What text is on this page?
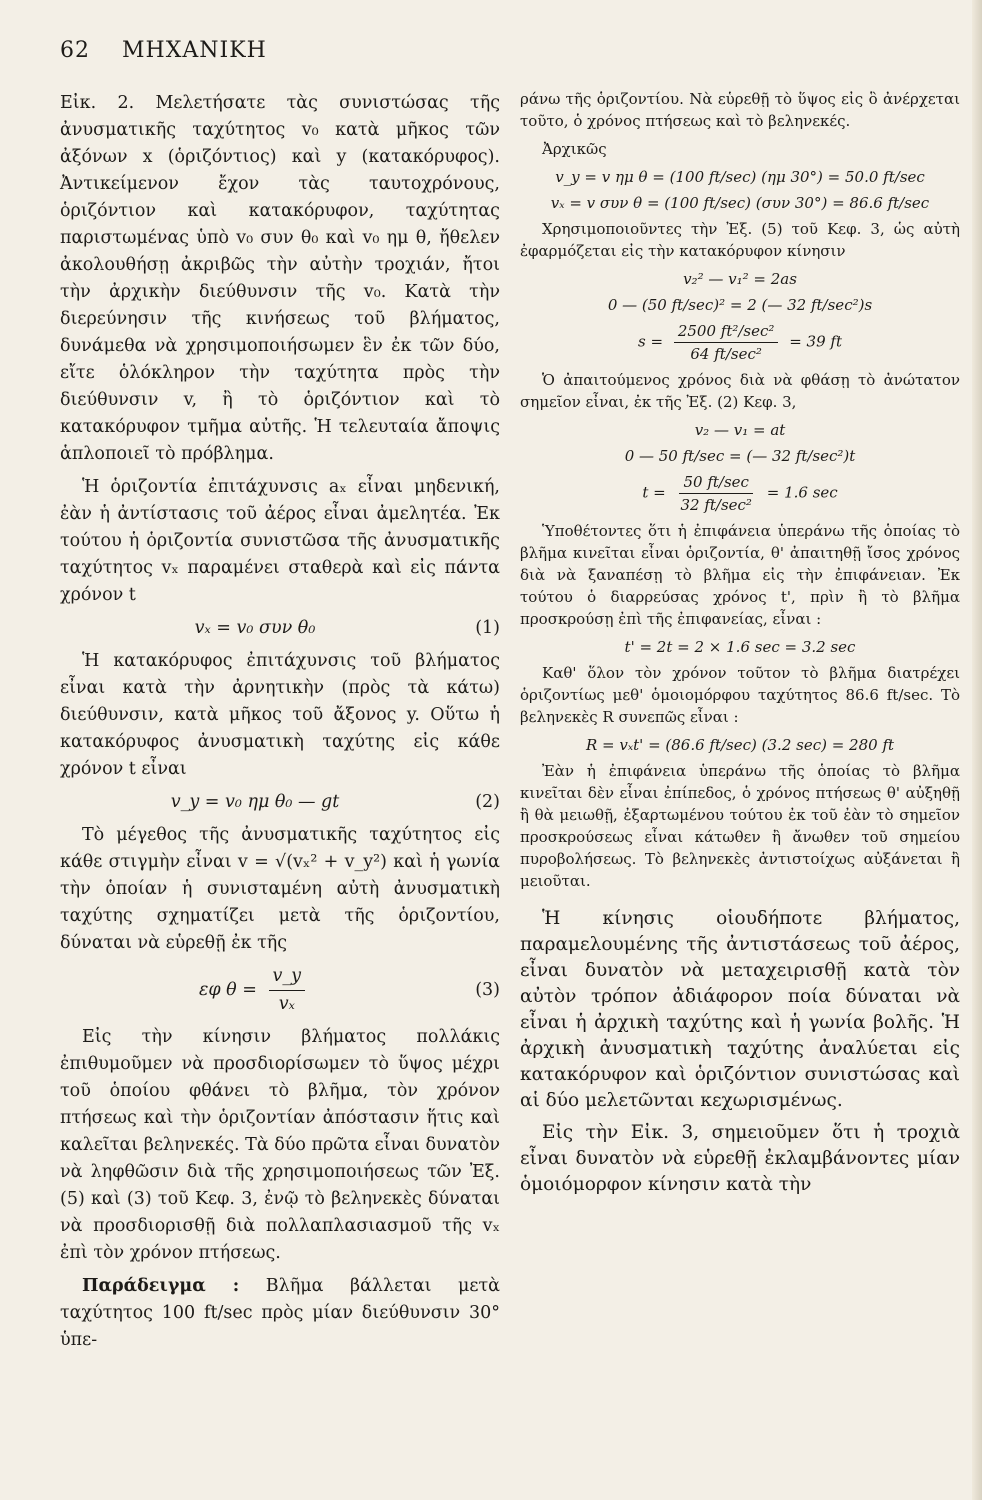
62 ΜΗΧΑΝΙΚΗ

Εἰκ. 2. Μελετήσατε τὰς συνιστώσας τῆς ἀνυσματικῆς ταχύτητος v₀ κατὰ μῆκος τῶν ἀξόνων x (ὁριζόντιος) καὶ y (κατακόρυφος). Ἀντικείμενον ἔχον τὰς ταυτοχρόνους, ὁριζόντιον καὶ κατακόρυφον, ταχύτητας παριστωμένας ὑπὸ v₀ συν θ₀ καὶ v₀ ημ θ, ἤθελεν ἀκολουθήσῃ ἀκριβῶς τὴν αὐτὴν τροχιάν, ἤτοι τὴν ἀρχικὴν διεύθυνσιν τῆς v₀. Κατὰ τὴν διερεύνησιν τῆς κινήσεως τοῦ βλήματος, δυνάμεθα νὰ χρησιμοποιήσωμεν ἓν ἐκ τῶν δύο, εἴτε ὁλόκληρον τὴν ταχύτητα πρὸς τὴν διεύθυνσιν v, ἢ τὸ ὁριζόντιον καὶ τὸ κατακόρυφον τμῆμα αὐτῆς. Ἡ τελευταία ἄποψις ἁπλοποιεῖ τὸ πρόβλημα.

Ἡ ὁριζοντία ἐπιτάχυνσις aₓ εἶναι μηδενική, ἐὰν ἡ ἀντίστασις τοῦ ἀέρος εἶναι ἀμελητέα. Ἐκ τούτου ἡ ὁριζοντία συνιστῶσα τῆς ἀνυσματικῆς ταχύτητος vₓ παραμένει σταθερὰ καὶ εἰς πάντα χρόνον t

vₓ = v₀ συν θ₀	(1)

Ἡ κατακόρυφος ἐπιτάχυνσις τοῦ βλήματος εἶναι κατὰ τὴν ἀρνητικὴν (πρὸς τὰ κάτω) διεύθυνσιν, κατὰ μῆκος τοῦ ἄξονος y. Οὕτω ἡ κατακόρυφος ἀνυσματικὴ ταχύτης εἰς κάθε χρόνον t εἶναι

v_y = v₀ ημ θ₀ — gt	(2)

Τὸ μέγεθος τῆς ἀνυσματικῆς ταχύτητος εἰς κάθε στιγμὴν εἶναι v = √(vₓ² + v_y²) καὶ ἡ γωνία τὴν ὁποίαν ἡ συνισταμένη αὐτὴ ἀνυσματικὴ ταχύτης σχηματίζει μετὰ τῆς ὁριζοντίου, δύναται νὰ εὑρεθῇ ἐκ τῆς

εφ $\theta = \frac{v\_y}{\text{vₓ}}$	(3)

Εἰς τὴν κίνησιν βλήματος πολλάκις ἐπιθυμοῦμεν νὰ προσδιορίσωμεν τὸ ὕψος μέχρι τοῦ ὁποίου φθάνει τὸ βλῆμα, τὸν χρόνον πτήσεως καὶ τὴν ὁριζοντίαν ἀπόστασιν ἥτις καὶ καλεῖται βεληνεκές. Τὰ δύο πρῶτα εἶναι δυνατὸν νὰ ληφθῶσιν διὰ τῆς χρησιμοποιήσεως τῶν Ἐξ. (5) καὶ (3) τοῦ Κεφ. 3, ἐνῷ τὸ βεληνεκὲς δύναται νὰ προσδιορισθῇ διὰ πολλαπλασιασμοῦ τῆς vₓ ἐπὶ τὸν χρόνον πτήσεως.

Παράδειγμα : Βλῆμα βάλλεται μετὰ ταχύτητος 100 ft/sec πρὸς μίαν διεύθυνσιν 30° ὑπε-

ράνω τῆς ὁριζοντίου. Νὰ εὑρεθῇ τὸ ὕψος εἰς ὃ ἀνέρχεται τοῦτο, ὁ χρόνος πτήσεως καὶ τὸ βεληνεκές.

Ἀρχικῶς

v_y = v ημ θ = (100 ft/sec) (ημ 30°) = 50.0 ft/sec
vₓ = v συν θ = (100 ft/sec) (συν 30°) = 86.6 ft/sec

Χρησιμοποιοῦντες τὴν Ἐξ. (5) τοῦ Κεφ. 3, ὡς αὐτὴ ἐφαρμόζεται εἰς τὴν κατακόρυφον κίνησιν

v₂² — v₁² = 2as
0 — (50 ft/sec)² = 2 (— 32 ft/sec²)s
$s = \frac{\text{2500 ft²/sec²}}{\text{64 ft/sec²}} = 39$ ft

Ὁ ἀπαιτούμενος χρόνος διὰ νὰ φθάσῃ τὸ ἀνώτατον σημεῖον εἶναι, ἐκ τῆς Ἐξ. (2) Κεφ. 3,

v₂ — v₁ = at
0 — 50 ft/sec = (— 32 ft/sec²)t
$t = \frac{50 ft/\sec}{\text{32 ft/sec²}} = 1.6$ sec

Ὑποθέτοντες ὅτι ἡ ἐπιφάνεια ὑπεράνω τῆς ὁποίας τὸ βλῆμα κινεῖται εἶναι ὁριζοντία, θ' ἀπαιτηθῇ ἴσος χρόνος διὰ νὰ ξαναπέσῃ τὸ βλῆμα εἰς τὴν ἐπιφάνειαν. Ἐκ τούτου ὁ διαρρεύσας χρόνος t', πρὶν ἢ τὸ βλῆμα προσκρούσῃ ἐπὶ τῆς ἐπιφανείας, εἶναι :

t' = 2t = 2 × 1.6 sec = 3.2 sec

Καθ' ὅλον τὸν χρόνον τοῦτον τὸ βλῆμα διατρέχει ὁριζοντίως μεθ' ὁμοιομόρφου ταχύτητος 86.6 ft/sec. Τὸ βεληνεκὲς R συνεπῶς εἶναι :

R = vₓt' = (86.6 ft/sec) (3.2 sec) = 280 ft

Ἐὰν ἡ ἐπιφάνεια ὑπεράνω τῆς ὁποίας τὸ βλῆμα κινεῖται δὲν εἶναι ἐπίπεδος, ὁ χρόνος πτήσεως θ' αὐξηθῇ ἢ θὰ μειωθῇ, ἐξαρτωμένου τούτου ἐκ τοῦ ἐὰν τὸ σημεῖον προσκρούσεως εἶναι κάτωθεν ἢ ἄνωθεν τοῦ σημείου πυροβολήσεως. Τὸ βεληνεκὲς ἀντιστοίχως αὐξάνεται ἢ μειοῦται.

Ἡ κίνησις οἱουδήποτε βλήματος, παραμελουμένης τῆς ἀντιστάσεως τοῦ ἀέρος, εἶναι δυνατὸν νὰ μεταχειρισθῇ κατὰ τὸν αὐτὸν τρόπον ἀδιάφορον ποία δύναται νὰ εἶναι ἡ ἀρχικὴ ταχύτης καὶ ἡ γωνία βολῆς. Ἡ ἀρχικὴ ἀνυσματικὴ ταχύτης ἀναλύεται εἰς κατακόρυφον καὶ ὁριζόντιον συνιστώσας καὶ αἱ δύο μελετῶνται κεχωρισμένως.

Εἰς τὴν Εἰκ. 3, σημειοῦμεν ὅτι ἡ τροχιὰ εἶναι δυνατὸν νὰ εὑρεθῇ ἐκλαμβάνοντες μίαν ὁμοιόμορφον κίνησιν κατὰ τὴν
